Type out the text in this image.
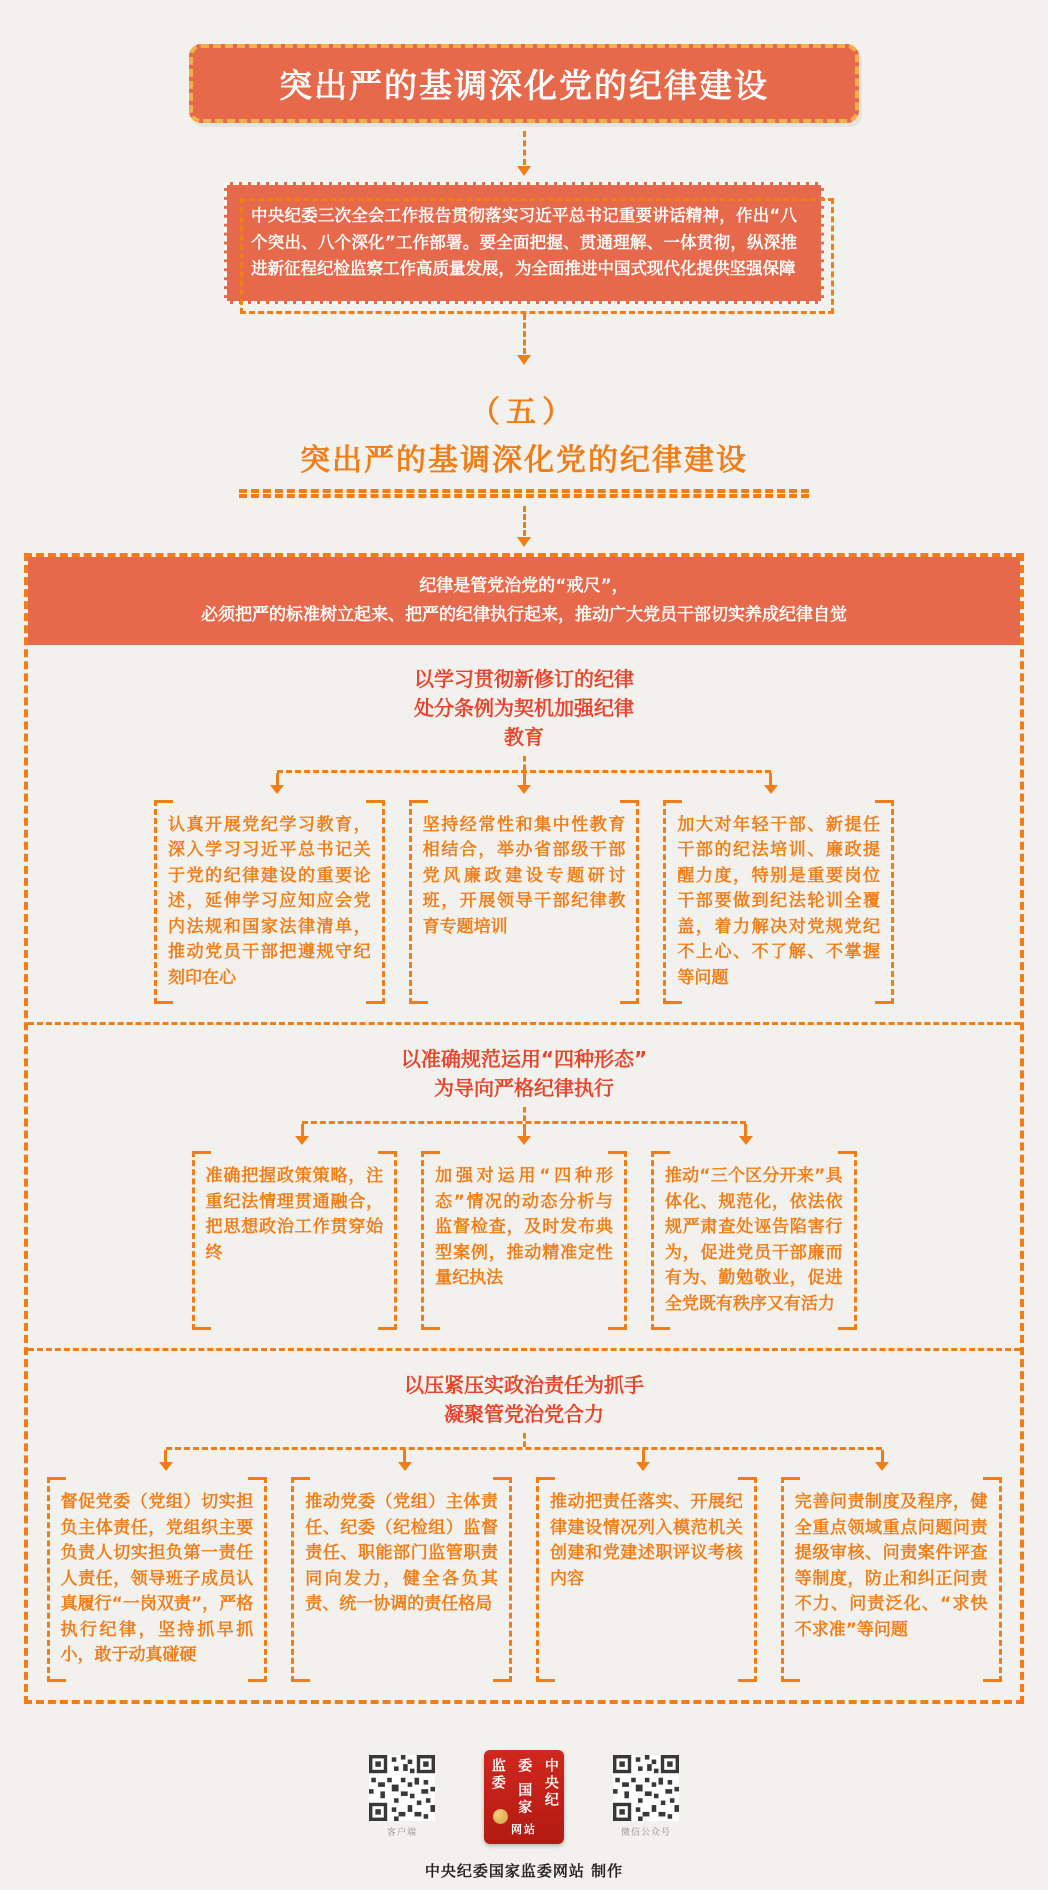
突出严的基调深化党的纪律建设

中央纪委三次全会工作报告贯彻落实习近平总书记重要讲话精神，作出“八个突出、八个深化”工作部署。要全面把握、贯通理解、一体贯彻，纵深推进新征程纪检监察工作高质量发展，为全面推进中国式现代化提供坚强保障

（五）
突出严的基调深化党的纪律建设
纪律是管党治党的“戒尺”，
必须把严的标准树立起来、把严的纪律执行起来，推动广大党员干部切实养成纪律自觉
以学习贯彻新修订的纪律
处分条例为契机加强纪律
教育
认真开展党纪学习教育，深入学习习近平总书记关于党的纪律建设的重要论述，延伸学习应知应会党内法规和国家法律清单，推动党员干部把遵规守纪刻印在心
坚持经常性和集中性教育相结合，举办省部级干部党风廉政建设专题研讨班，开展领导干部纪律教育专题培训
加大对年轻干部、新提任干部的纪法培训、廉政提醒力度，特别是重要岗位干部要做到纪法轮训全覆盖，着力解决对党规党纪不上心、不了解、不掌握等问题
以准确规范运用“四种形态”
为导向严格纪律执行
准确把握政策策略，注重纪法情理贯通融合，把思想政治工作贯穿始终
加强对运用“四种形态”情况的动态分析与监督检查，及时发布典型案例，推动精准定性量纪执法
推动“三个区分开来”具体化、规范化，依法依规严肃查处诬告陷害行为，促进党员干部廉而有为、勤勉敬业，促进全党既有秩序又有活力
以压紧压实政治责任为抓手
凝聚管党治党合力
督促党委（党组）切实担负主体责任，党组织主要负责人切实担负第一责任人责任，领导班子成员认真履行“一岗双责”，严格执行纪律，坚持抓早抓小，敢于动真碰硬
推动党委（党组）主体责任、纪委（纪检组）监督责任、职能部门监管职责同向发力，健全各负其责、统一协调的责任格局
推动把责任落实、开展纪律建设情况列入模范机关创建和党建述职评议考核内容
完善问责制度及程序，健全重点领域重点问题问责提级审核、问责案件评查等制度，防止和纠正问责不力、问责泛化、“求快不求准”等问题
客户端
中央纪委 国家监委
网站	微信公众号
中央纪委国家监委网站 制作
